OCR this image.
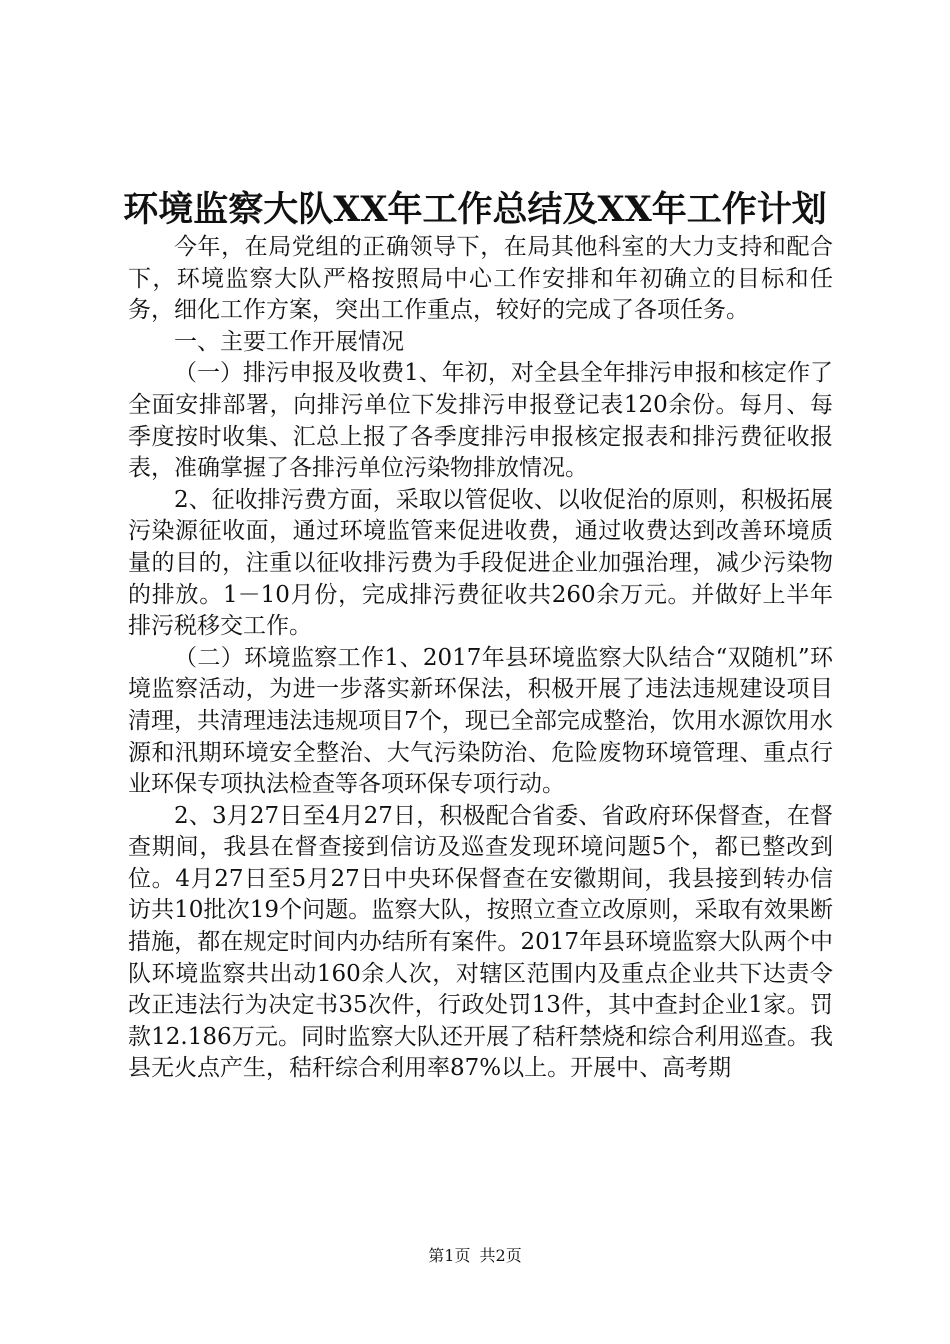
环境监察大队XX年工作总结及XX年工作计划

今年，在局党组的正确领导下，在局其他科室的大力支持和配合下，环境监察大队严格按照局中心工作安排和年初确立的目标和任务，细化工作方案，突出工作重点，较好的完成了各项任务。

一、主要工作开展情况

（一）排污申报及收费1、年初，对全县全年排污申报和核定作了全面安排部署，向排污单位下发排污申报登记表120余份。每月、每季度按时收集、汇总上报了各季度排污申报核定报表和排污费征收报表，准确掌握了各排污单位污染物排放情况。

2、征收排污费方面，采取以管促收、以收促治的原则，积极拓展污染源征收面，通过环境监管来促进收费，通过收费达到改善环境质量的目的，注重以征收排污费为手段促进企业加强治理，减少污染物的排放。1－10月份，完成排污费征收共260余万元。并做好上半年排污税移交工作。

（二）环境监察工作1、2017年县环境监察大队结合“双随机”环境监察活动，为进一步落实新环保法，积极开展了违法违规建设项目清理，共清理违法违规项目7个，现已全部完成整治，饮用水源饮用水源和汛期环境安全整治、大气污染防治、危险废物环境管理、重点行业环保专项执法检查等各项环保专项行动。

2、3月27日至4月27日，积极配合省委、省政府环保督查，在督查期间，我县在督查接到信访及巡查发现环境问题5个，都已整改到位。4月27日至5月27日中央环保督查在安徽期间，我县接到转办信访共10批次19个问题。监察大队，按照立查立改原则，采取有效果断措施，都在规定时间内办结所有案件。2017年县环境监察大队两个中队环境监察共出动160余人次，对辖区范围内及重点企业共下达责令改正违法行为决定书35次件，行政处罚13件，其中查封企业1家。罚款12.186万元。同时监察大队还开展了秸秆禁烧和综合利用巡查。我县无火点产生，秸秆综合利用率87%以上。开展中、高考期

第1页 共2页
